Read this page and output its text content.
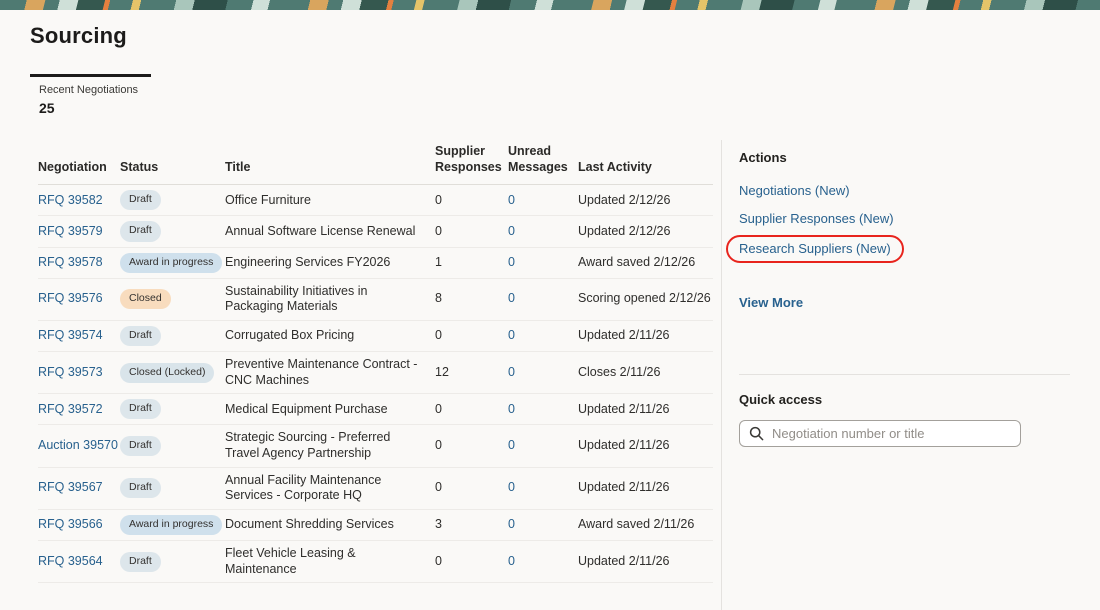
Sourcing
Recent Negotiations
25
Negotiation	Status	Title	Supplier Responses	Unread Messages	Last Activity
RFQ 39582	Draft	Office Furniture	0	0	Updated 2/12/26
RFQ 39579	Draft	Annual Software License Renewal	0	0	Updated 2/12/26
RFQ 39578	Award in progress	Engineering Services FY2026	1	0	Award saved 2/12/26
RFQ 39576	Closed	Sustainability Initiatives in Packaging Materials	8	0	Scoring opened 2/12/26
RFQ 39574	Draft	Corrugated Box Pricing	0	0	Updated 2/11/26
RFQ 39573	Closed (Locked)	Preventive Maintenance Contract - CNC Machines	12	0	Closes 2/11/26
RFQ 39572	Draft	Medical Equipment Purchase	0	0	Updated 2/11/26
Auction 39570	Draft	Strategic Sourcing - Preferred Travel Agency Partnership	0	0	Updated 2/11/26
RFQ 39567	Draft	Annual Facility Maintenance Services - Corporate HQ	0	0	Updated 2/11/26
RFQ 39566	Award in progress	Document Shredding Services	3	0	Award saved 2/11/26
RFQ 39564	Draft	Fleet Vehicle Leasing & Maintenance	0	0	Updated 2/11/26
Actions
Negotiations (New)
Supplier Responses (New)
Research Suppliers (New)
View More
Quick access
Negotiation number or title
